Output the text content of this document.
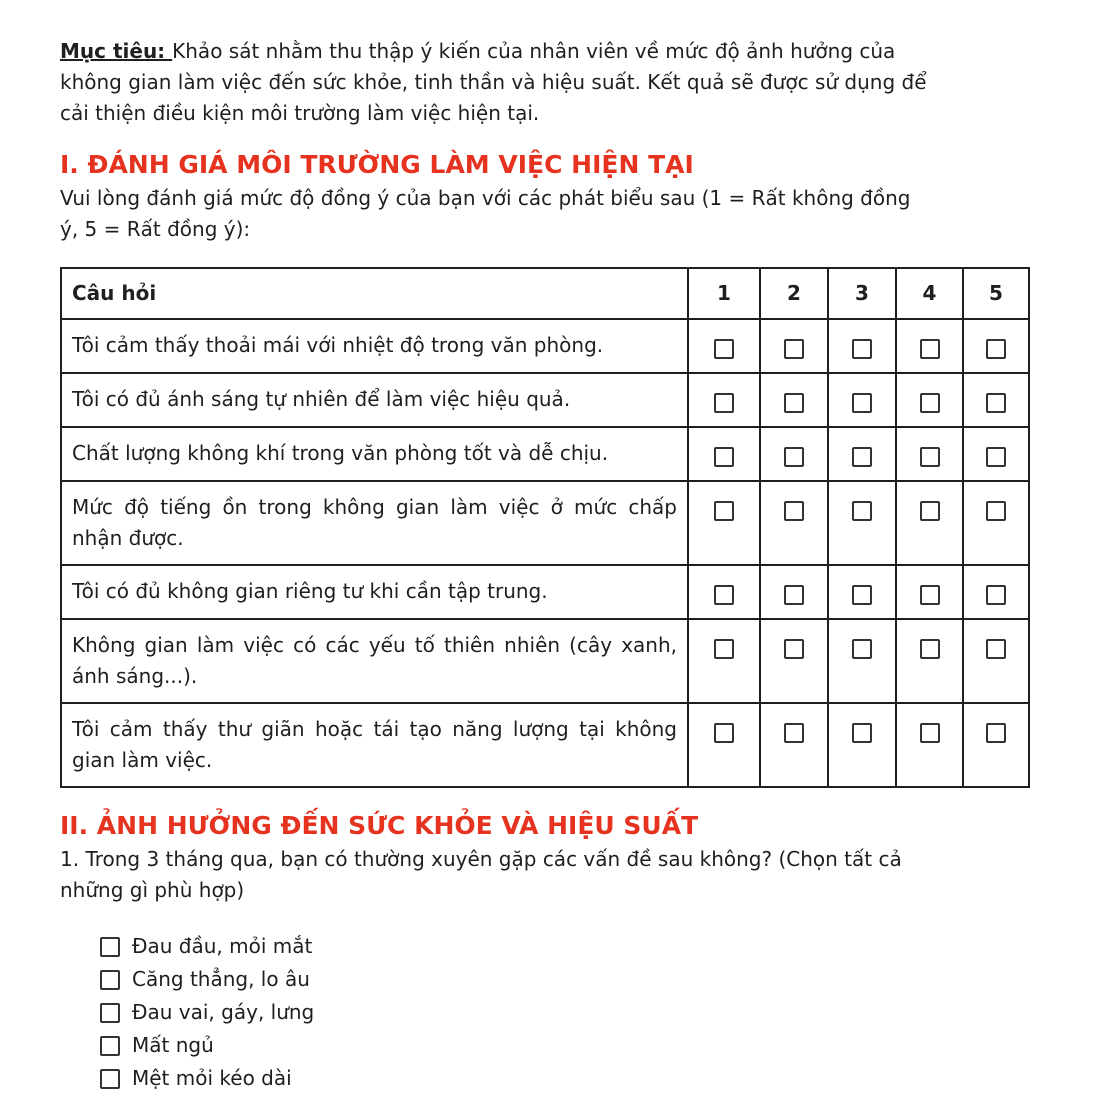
Mục tiêu: Khảo sát nhằm thu thập ý kiến của nhân viên về mức độ ảnh hưởng của không gian làm việc đến sức khỏe, tinh thần và hiệu suất. Kết quả sẽ được sử dụng để cải thiện điều kiện môi trường làm việc hiện tại.

I. ĐÁNH GIÁ MÔI TRƯỜNG LÀM VIỆC HIỆN TẠI

Vui lòng đánh giá mức độ đồng ý của bạn với các phát biểu sau (1 = Rất không đồng ý, 5 = Rất đồng ý):

Câu hỏi	1	2	3	4	5
Tôi cảm thấy thoải mái với nhiệt độ trong văn phòng.					
Tôi có đủ ánh sáng tự nhiên để làm việc hiệu quả.					
Chất lượng không khí trong văn phòng tốt và dễ chịu.					
Mức độ tiếng ồn trong không gian làm việc ở mức chấp nhận được.					
Tôi có đủ không gian riêng tư khi cần tập trung.					
Không gian làm việc có các yếu tố thiên nhiên (cây xanh, ánh sáng...).					
Tôi cảm thấy thư giãn hoặc tái tạo năng lượng tại không gian làm việc.					
II. ẢNH HƯỞNG ĐẾN SỨC KHỎE VÀ HIỆU SUẤT

1. Trong 3 tháng qua, bạn có thường xuyên gặp các vấn đề sau không? (Chọn tất cả những gì phù hợp)

Đau đầu, mỏi mắt
Căng thẳng, lo âu
Đau vai, gáy, lưng
Mất ngủ
Mệt mỏi kéo dài
